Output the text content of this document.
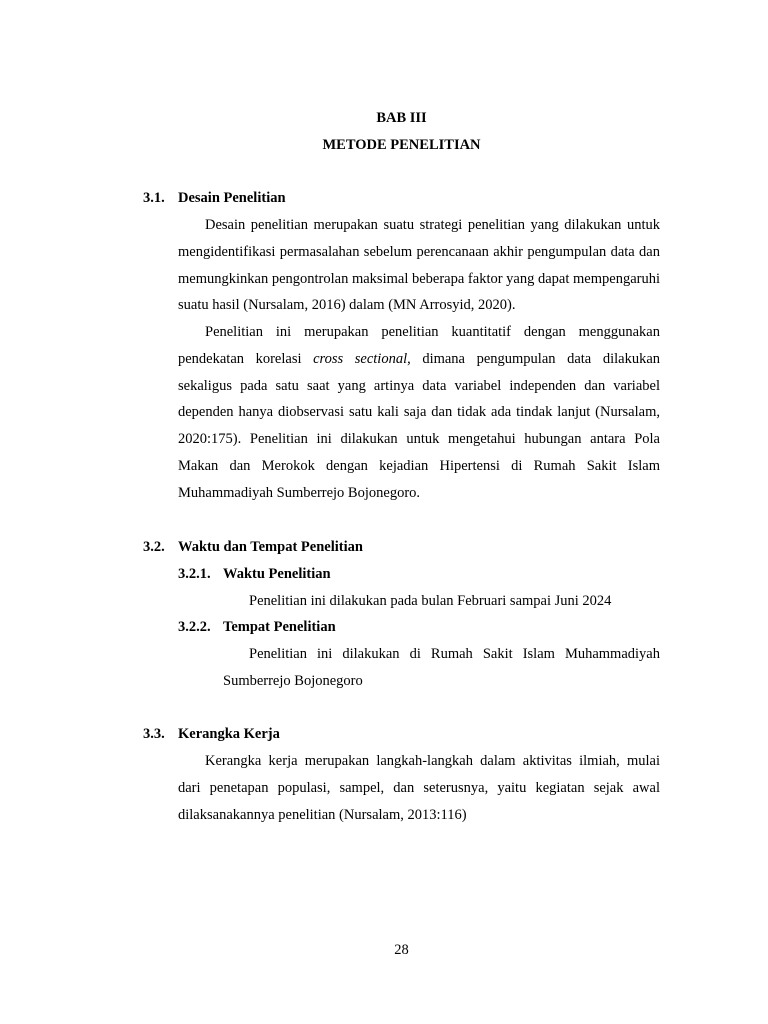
BAB III
METODE PENELITIAN
3.1. Desain Penelitian

Desain penelitian merupakan suatu strategi penelitian yang dilakukan untuk mengidentifikasi permasalahan sebelum perencanaan akhir pengumpulan data dan memungkinkan pengontrolan maksimal beberapa faktor yang dapat mempengaruhi suatu hasil (Nursalam, 2016) dalam (MN Arrosyid, 2020).

Penelitian ini merupakan penelitian kuantitatif dengan menggunakan pendekatan korelasi cross sectional, dimana pengumpulan data dilakukan sekaligus pada satu saat yang artinya data variabel independen dan variabel dependen hanya diobservasi satu kali saja dan tidak ada tindak lanjut (Nursalam, 2020:175). Penelitian ini dilakukan untuk mengetahui hubungan antara Pola Makan dan Merokok dengan kejadian Hipertensi di Rumah Sakit Islam Muhammadiyah Sumberrejo Bojonegoro.

3.2. Waktu dan Tempat Penelitian
3.2.1. Waktu Penelitian

Penelitian ini dilakukan pada bulan Februari sampai Juni 2024

3.2.2. Tempat Penelitian

Penelitian ini dilakukan di Rumah Sakit Islam Muhammadiyah Sumberrejo Bojonegoro

3.3. Kerangka Kerja

Kerangka kerja merupakan langkah-langkah dalam aktivitas ilmiah, mulai dari penetapan populasi, sampel, dan seterusnya, yaitu kegiatan sejak awal dilaksanakannya penelitian (Nursalam, 2013:116)

28
